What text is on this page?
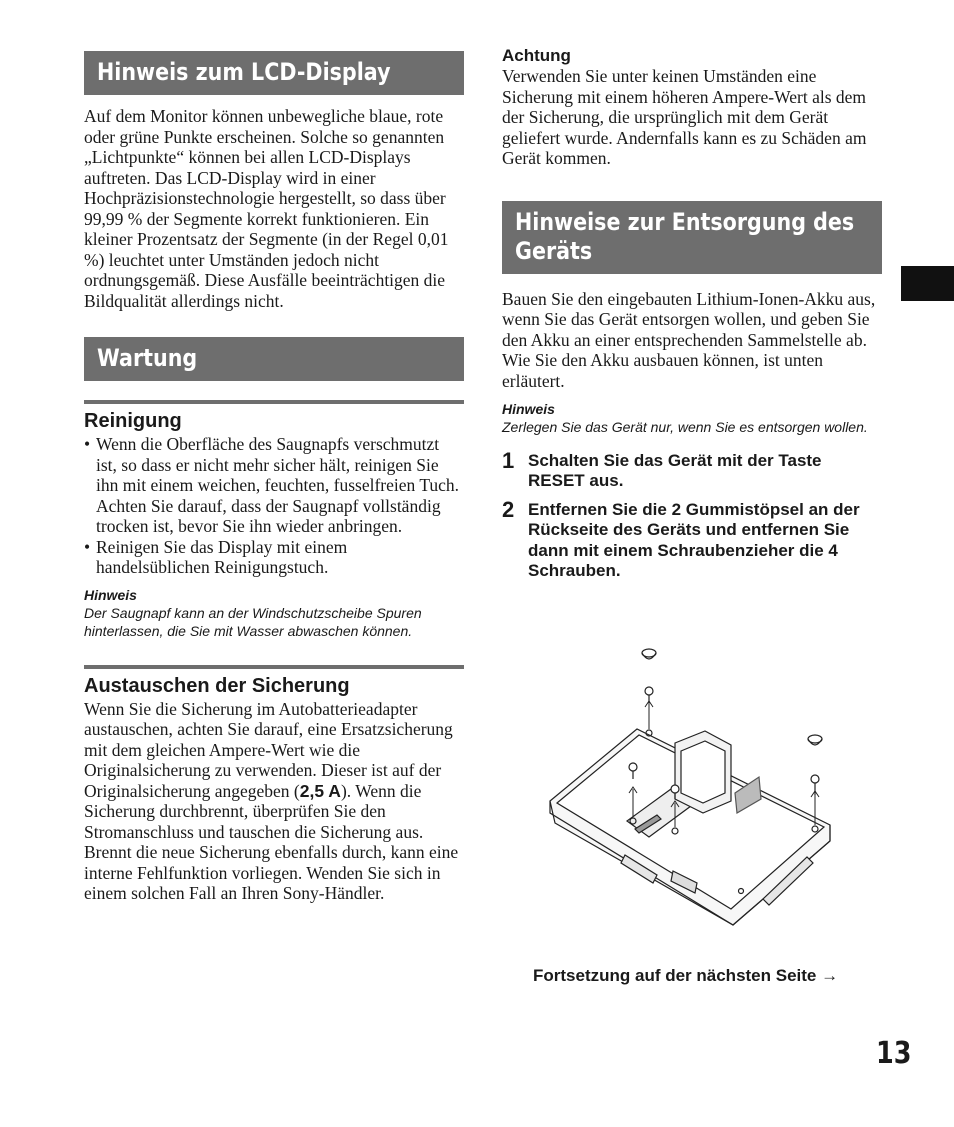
Hinweis zum LCD-Display

Auf dem Monitor können unbewegliche blaue, rote oder grüne Punkte erscheinen. Solche so genannten „Lichtpunkte“ können bei allen LCD-Displays auftreten. Das LCD-Display wird in einer Hochpräzisionstechnologie hergestellt, so dass über 99,99 % der Segmente korrekt funktionieren. Ein kleiner Prozentsatz der Segmente (in der Regel 0,01 %) leuchtet unter Umständen jedoch nicht ordnungsgemäß. Diese Ausfälle beeinträchtigen die Bildqualität allerdings nicht.

Wartung
Reinigung
• Wenn die Oberfläche des Saugnapfs verschmutzt ist, so dass er nicht mehr sicher hält, reinigen Sie ihn mit einem weichen, feuchten, fusselfreien Tuch.
Achten Sie darauf, dass der Saugnapf vollständig trocken ist, bevor Sie ihn wieder anbringen.
• Reinigen Sie das Display mit einem handelsüblichen Reinigungstuch.
Hinweis

Der Saugnapf kann an der Windschutzscheibe Spuren hinterlassen, die Sie mit Wasser abwaschen können.

Austauschen der Sicherung

Wenn Sie die Sicherung im Autobatterieadapter austauschen, achten Sie darauf, eine Ersatzsicherung mit dem gleichen Ampere-Wert wie die Originalsicherung zu verwenden. Dieser ist auf der Originalsicherung angegeben (2,5 A). Wenn die Sicherung durchbrennt, überprüfen Sie den Stromanschluss und tauschen die Sicherung aus. Brennt die neue Sicherung ebenfalls durch, kann eine interne Fehlfunktion vorliegen. Wenden Sie sich in einem solchen Fall an Ihren Sony-Händler.

Achtung

Verwenden Sie unter keinen Umständen eine Sicherung mit einem höheren Ampere-Wert als dem der Sicherung, die ursprünglich mit dem Gerät geliefert wurde. Andernfalls kann es zu Schäden am Gerät kommen.

Hinweise zur Entsorgung des
Geräts

Bauen Sie den eingebauten Lithium-Ionen-Akku aus, wenn Sie das Gerät entsorgen wollen, und geben Sie den Akku an einer entsprechenden Sammelstelle ab.

Wie Sie den Akku ausbauen können, ist unten erläutert.

Hinweis

Zerlegen Sie das Gerät nur, wenn Sie es entsorgen wollen.

1 Schalten Sie das Gerät mit der Taste RESET aus.
2 Entfernen Sie die 2 Gummistöpsel an der Rückseite des Geräts und entfernen Sie dann mit einem Schraubenzieher die 4 Schrauben.
Fortsetzung auf der nächsten Seite →
13
